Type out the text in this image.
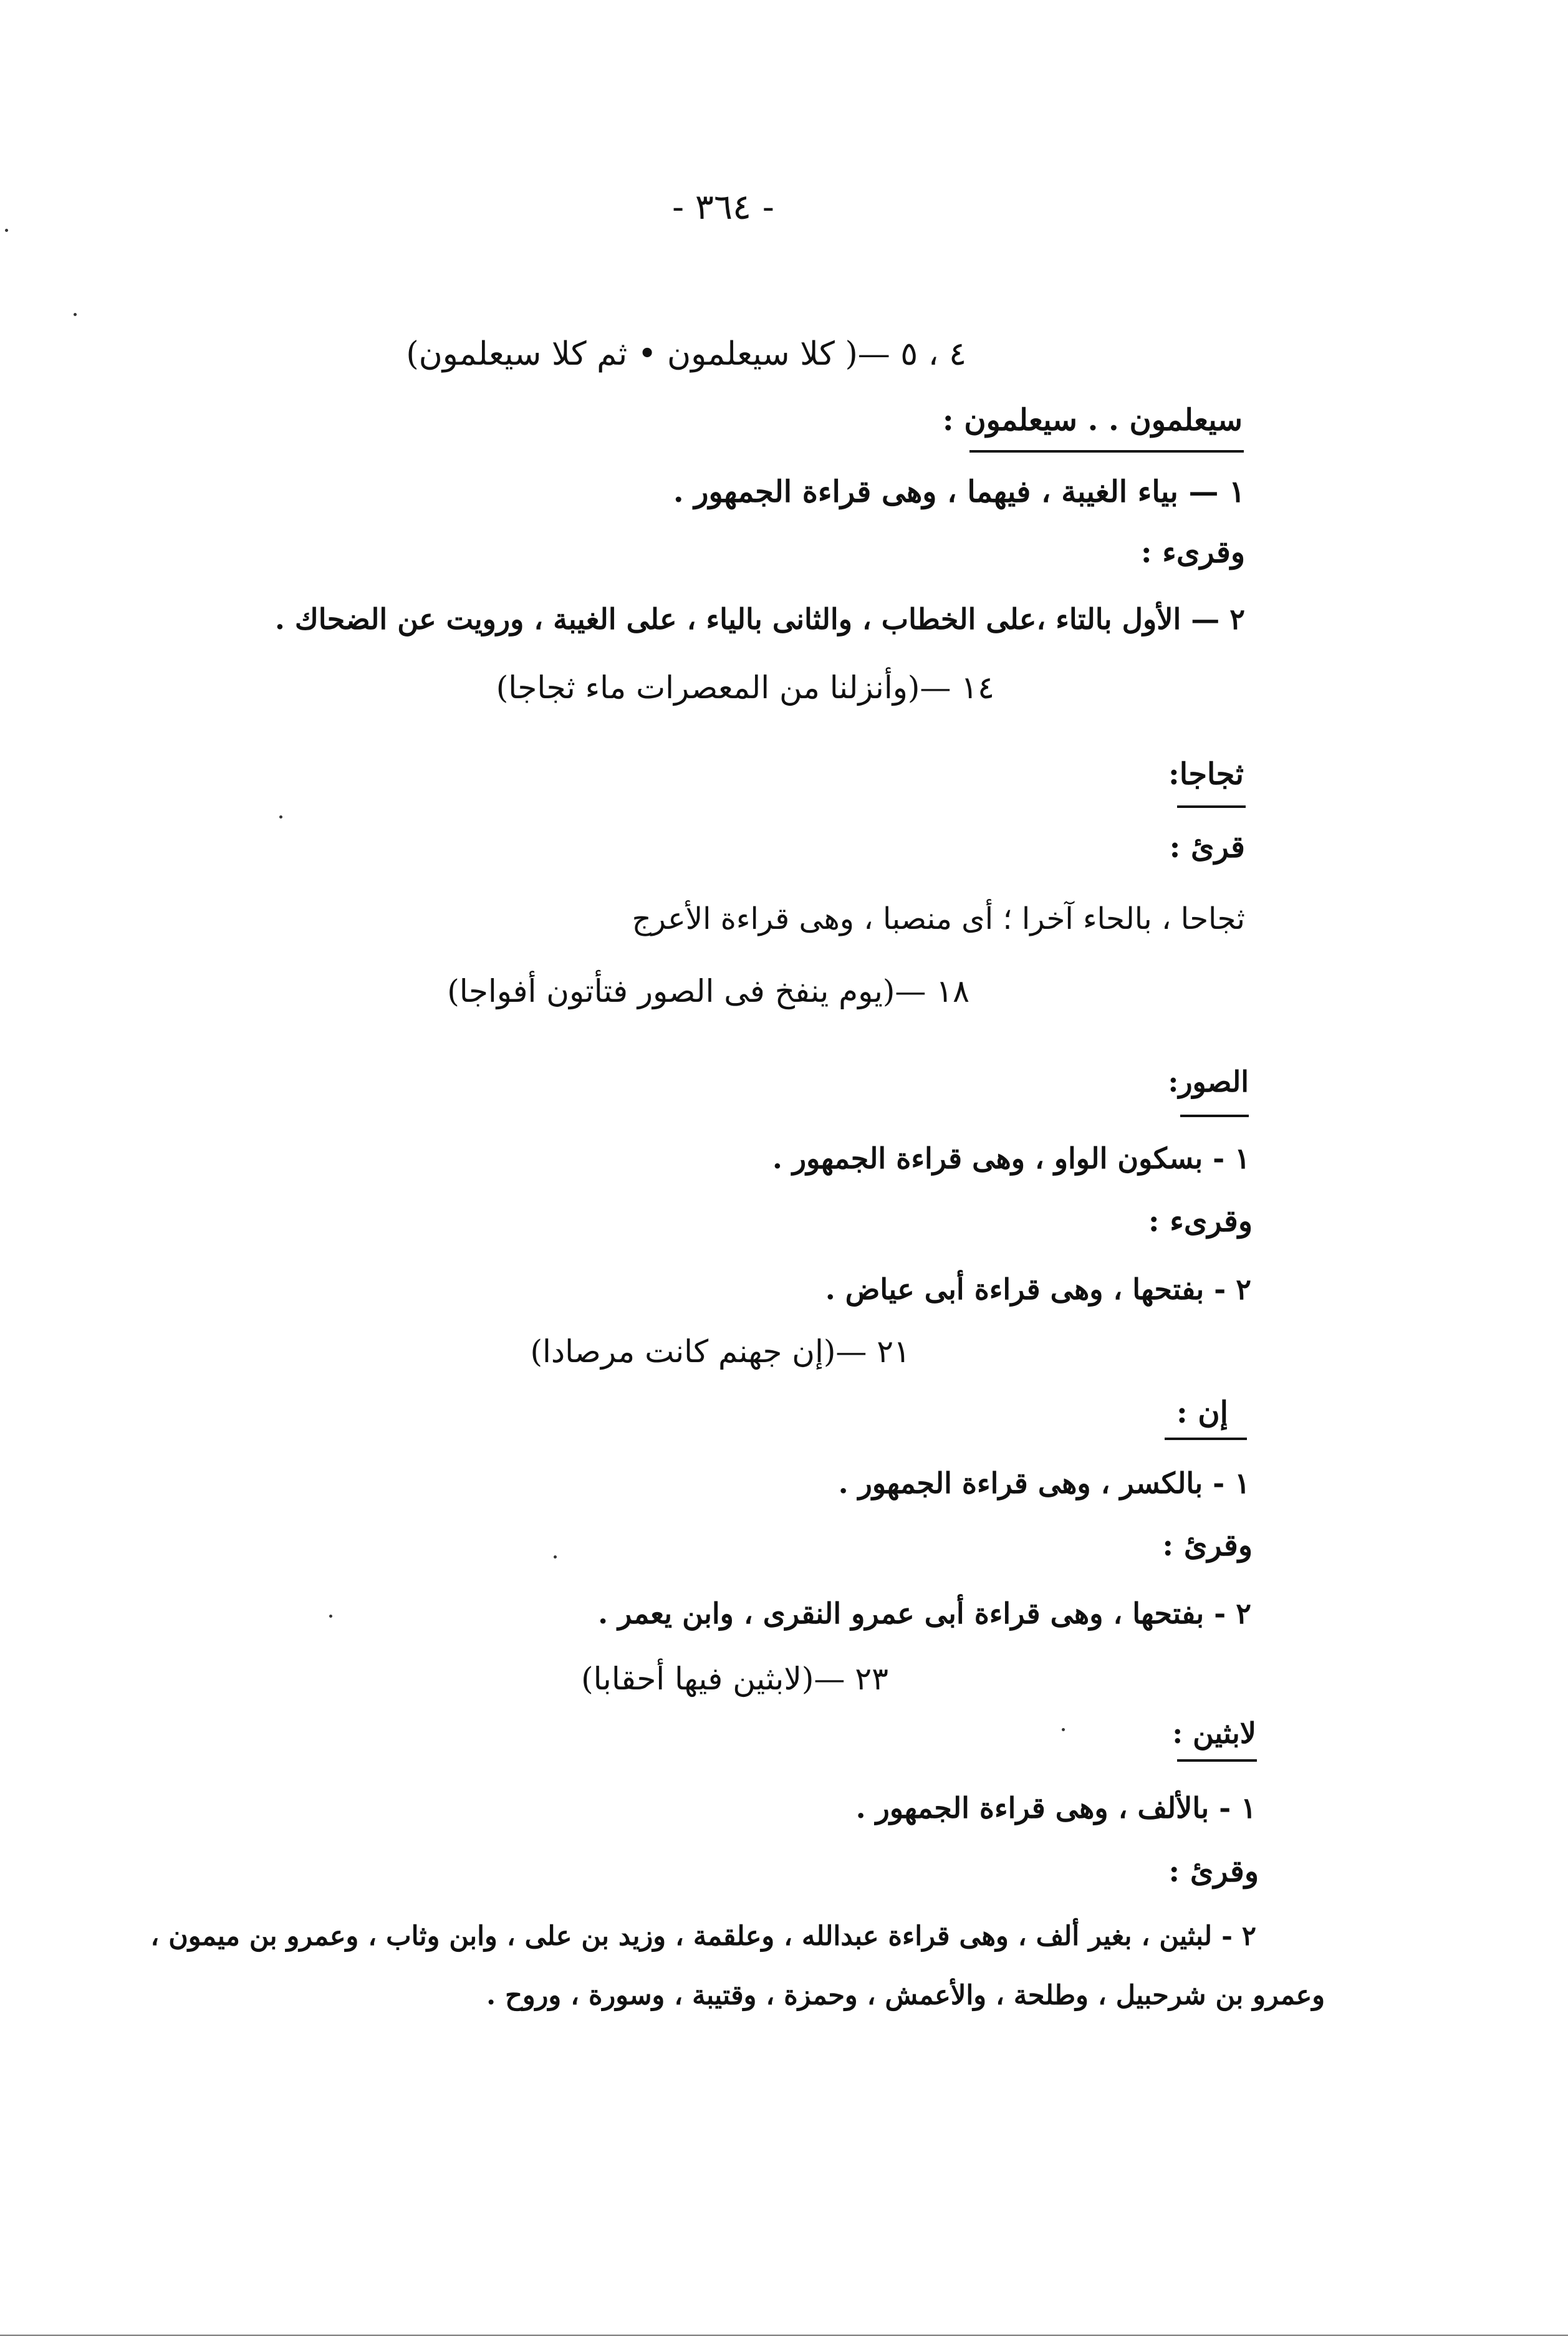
- ٣٦٤ -
٤ ، ٥ —( كلا سيعلمون • ثم كلا سيعلمون)
سيعلمون . . سيعلمون :
١ — بياء الغيبة ، فيهما ، وهى قراءة الجمهور .
وقرىء :
٢ — الأول بالتاء ،على الخطاب ، والثانى بالياء ، على الغيبة ، ورويت عن الضحاك .
١٤ —(وأنزلنا من المعصرات ماء ثجاجا)
ثجاجا:
قرئ :
ثجاحا ، بالحاء آخرا ؛ أى منصبا ، وهى قراءة الأعرج
١٨ —(يوم ينفخ فى الصور فتأتون أفواجا)
الصور:
١ - بسكون الواو ، وهى قراءة الجمهور .
وقرىء :
٢ - بفتحها ، وهى قراءة أبى عياض .
٢١ —(إن جهنم كانت مرصادا)
إن :
١ - بالكسر ، وهى قراءة الجمهور .
وقرئ :
٢ - بفتحها ، وهى قراءة أبى عمرو النقرى ، وابن يعمر .
٢٣ —(لابثين فيها أحقابا)
لابثين :
١ - بالألف ، وهى قراءة الجمهور .
وقرئ :
٢ - لبثين ، بغير ألف ، وهى قراءة عبدالله ، وعلقمة ، وزيد بن على ، وابن وثاب ، وعمرو بن ميمون ،
وعمرو بن شرحبيل ، وطلحة ، والأعمش ، وحمزة ، وقتيبة ، وسورة ، وروح .
